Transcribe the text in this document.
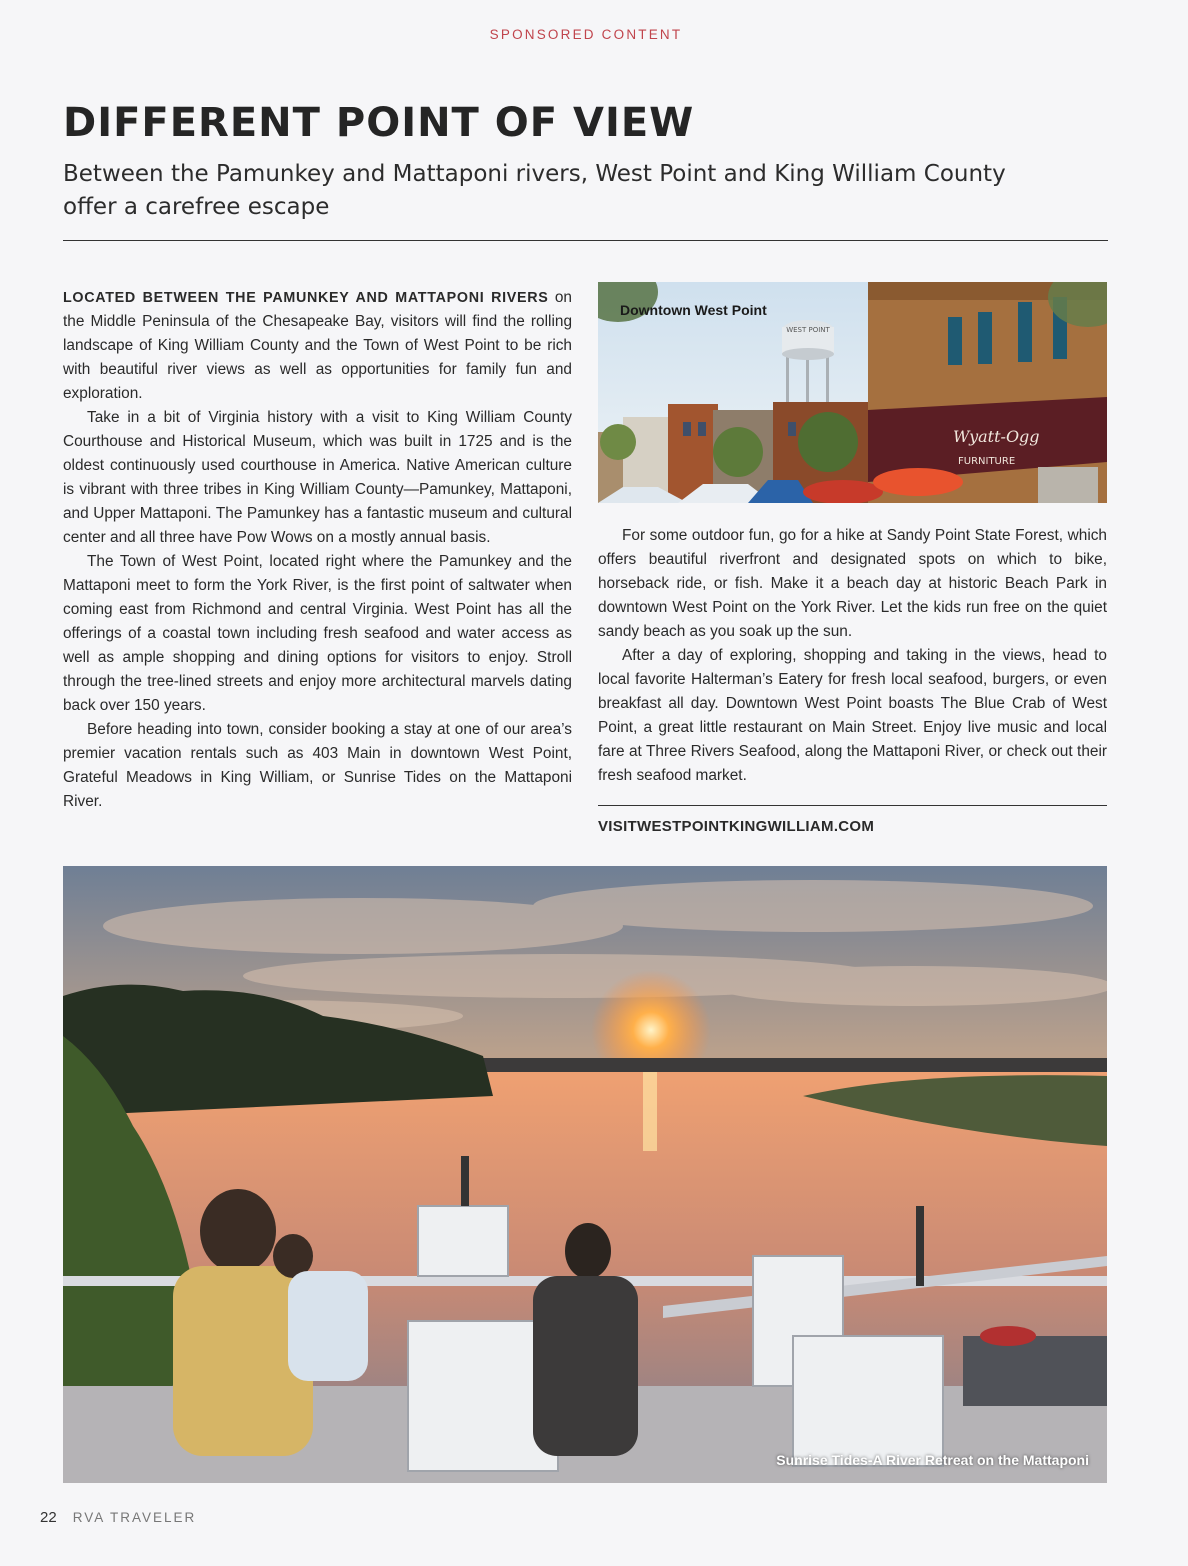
SPONSORED CONTENT
DIFFERENT POINT OF VIEW

Between the Pamunkey and Mattaponi rivers, West Point and King William County offer a carefree escape

LOCATED BETWEEN THE PAMUNKEY AND MATTAPONI RIVERS on the Middle Peninsula of the Chesapeake Bay, visitors will find the rolling landscape of King William County and the Town of West Point to be rich with beautiful river views as well as opportunities for family fun and exploration.

Take in a bit of Virginia history with a visit to King William County Courthouse and Historical Museum, which was built in 1725 and is the oldest continuously used courthouse in America. Native American culture is vibrant with three tribes in King William County—Pamunkey, Mattaponi, and Upper Mattaponi. The Pamunkey has a fantastic museum and cultural center and all three have Pow Wows on a mostly annual basis.

The Town of West Point, located right where the Pamunkey and the Mattaponi meet to form the York River, is the first point of saltwater when coming east from Richmond and central Virginia. West Point has all the offerings of a coastal town including fresh seafood and water access as well as ample shopping and dining options for visitors to enjoy. Stroll through the tree-lined streets and enjoy more architectural marvels dating back over 150 years.

Before heading into town, consider booking a stay at one of our area’s premier vacation rentals such as 403 Main in downtown West Point, Grateful Meadows in King William, or Sunrise Tides on the Mattaponi River.

WEST POINT
Wyatt-Ogg
FURNITURE
Downtown West Point

For some outdoor fun, go for a hike at Sandy Point State Forest, which offers beautiful riverfront and designated spots on which to bike, horseback ride, or fish. Make it a beach day at historic Beach Park in downtown West Point on the York River. Let the kids run free on the quiet sandy beach as you soak up the sun.

After a day of exploring, shopping and taking in the views, head to local favorite Halterman’s Eatery for fresh local seafood, burgers, or even breakfast all day. Downtown West Point boasts The Blue Crab of West Point, a great little restaurant on Main Street. Enjoy live music and local fare at Three Rivers Seafood, along the Mattaponi River, or check out their fresh seafood market.

VISITWESTPOINTKINGWILLIAM.COM
Sunrise Tides-A River Retreat on the Mattaponi
22 RVA TRAVELER
